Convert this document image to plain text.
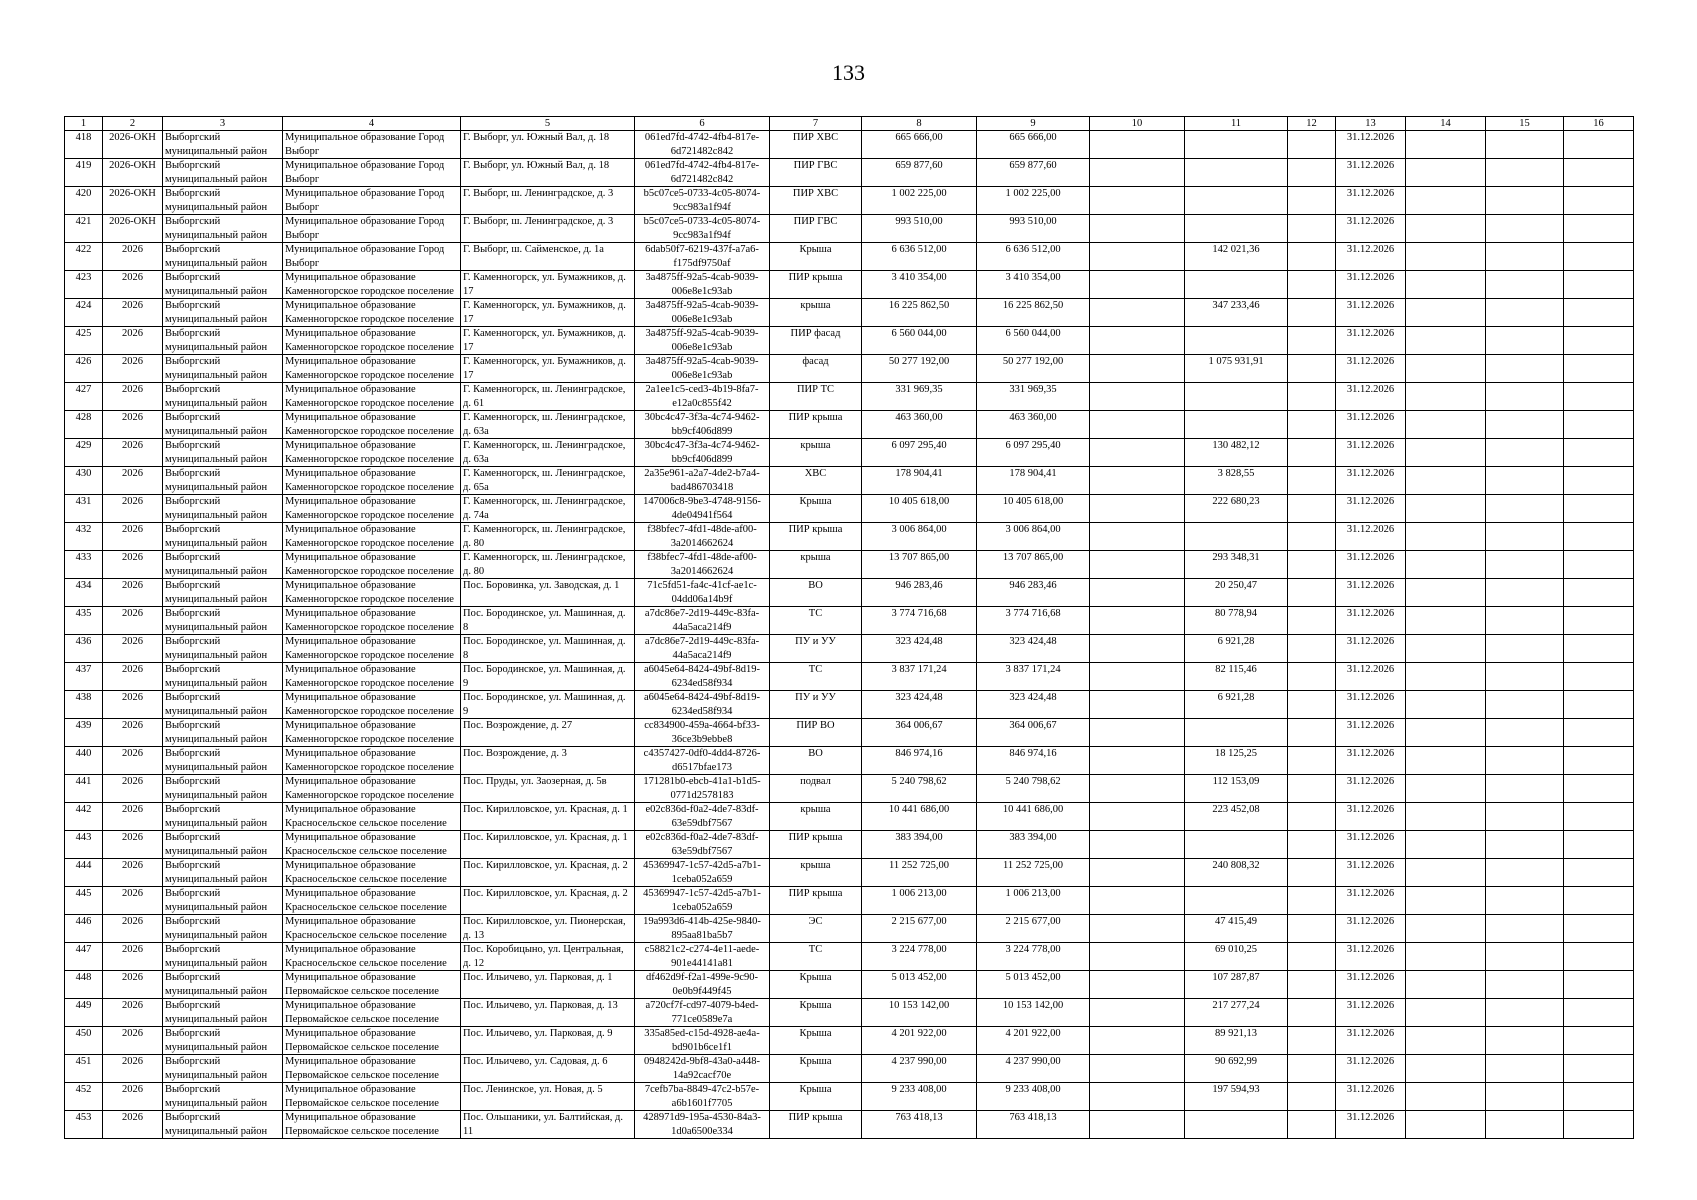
133
1	2	3	4	5	6	7	8	9	10	11	12	13	14	15	16
418	2026-ОКН	Выборгский муниципальный район	Муниципальное образование Город Выборг	Г. Выборг, ул. Южный Вал, д. 18	061ed7fd-4742-4fb4-817e-6d721482c842	ПИР ХВС	665 666,00	665 666,00				31.12.2026			
419	2026-ОКН	Выборгский муниципальный район	Муниципальное образование Город Выборг	Г. Выборг, ул. Южный Вал, д. 18	061ed7fd-4742-4fb4-817e-6d721482c842	ПИР ГВС	659 877,60	659 877,60				31.12.2026			
420	2026-ОКН	Выборгский муниципальный район	Муниципальное образование Город Выборг	Г. Выборг, ш. Ленинградское, д. 3	b5c07ce5-0733-4c05-8074-9cc983a1f94f	ПИР ХВС	1 002 225,00	1 002 225,00				31.12.2026			
421	2026-ОКН	Выборгский муниципальный район	Муниципальное образование Город Выборг	Г. Выборг, ш. Ленинградское, д. 3	b5c07ce5-0733-4c05-8074-9cc983a1f94f	ПИР ГВС	993 510,00	993 510,00				31.12.2026			
422	2026	Выборгский муниципальный район	Муниципальное образование Город Выборг	Г. Выборг, ш. Сайменское, д. 1а	6dab50f7-6219-437f-a7a6-f175df9750af	Крыша	6 636 512,00	6 636 512,00		142 021,36		31.12.2026			
423	2026	Выборгский муниципальный район	Муниципальное образование Каменногорское городское поселение	Г. Каменногорск, ул. Бумажников, д. 17	3a4875ff-92a5-4cab-9039-006e8e1c93ab	ПИР крыша	3 410 354,00	3 410 354,00				31.12.2026			
424	2026	Выборгский муниципальный район	Муниципальное образование Каменногорское городское поселение	Г. Каменногорск, ул. Бумажников, д. 17	3a4875ff-92a5-4cab-9039-006e8e1c93ab	крыша	16 225 862,50	16 225 862,50		347 233,46		31.12.2026			
425	2026	Выборгский муниципальный район	Муниципальное образование Каменногорское городское поселение	Г. Каменногорск, ул. Бумажников, д. 17	3a4875ff-92a5-4cab-9039-006e8e1c93ab	ПИР фасад	6 560 044,00	6 560 044,00				31.12.2026			
426	2026	Выборгский муниципальный район	Муниципальное образование Каменногорское городское поселение	Г. Каменногорск, ул. Бумажников, д. 17	3a4875ff-92a5-4cab-9039-006e8e1c93ab	фасад	50 277 192,00	50 277 192,00		1 075 931,91		31.12.2026			
427	2026	Выборгский муниципальный район	Муниципальное образование Каменногорское городское поселение	Г. Каменногорск, ш. Ленинградское, д. 61	2a1ee1c5-ced3-4b19-8fa7-e12a0c855f42	ПИР ТС	331 969,35	331 969,35				31.12.2026			
428	2026	Выборгский муниципальный район	Муниципальное образование Каменногорское городское поселение	Г. Каменногорск, ш. Ленинградское, д. 63а	30bc4c47-3f3a-4c74-9462-bb9cf406d899	ПИР крыша	463 360,00	463 360,00				31.12.2026			
429	2026	Выборгский муниципальный район	Муниципальное образование Каменногорское городское поселение	Г. Каменногорск, ш. Ленинградское, д. 63а	30bc4c47-3f3a-4c74-9462-bb9cf406d899	крыша	6 097 295,40	6 097 295,40		130 482,12		31.12.2026			
430	2026	Выборгский муниципальный район	Муниципальное образование Каменногорское городское поселение	Г. Каменногорск, ш. Ленинградское, д. 65а	2a35e961-a2a7-4de2-b7a4-bad486703418	ХВС	178 904,41	178 904,41		3 828,55		31.12.2026			
431	2026	Выборгский муниципальный район	Муниципальное образование Каменногорское городское поселение	Г. Каменногорск, ш. Ленинградское, д. 74а	147006c8-9be3-4748-9156-4de04941f564	Крыша	10 405 618,00	10 405 618,00		222 680,23		31.12.2026			
432	2026	Выборгский муниципальный район	Муниципальное образование Каменногорское городское поселение	Г. Каменногорск, ш. Ленинградское, д. 80	f38bfec7-4fd1-48de-af00-3a2014662624	ПИР крыша	3 006 864,00	3 006 864,00				31.12.2026			
433	2026	Выборгский муниципальный район	Муниципальное образование Каменногорское городское поселение	Г. Каменногорск, ш. Ленинградское, д. 80	f38bfec7-4fd1-48de-af00-3a2014662624	крыша	13 707 865,00	13 707 865,00		293 348,31		31.12.2026			
434	2026	Выборгский муниципальный район	Муниципальное образование Каменногорское городское поселение	Пос. Боровинка, ул. Заводская, д. 1	71c5fd51-fa4c-41cf-ae1c-04dd06a14b9f	ВО	946 283,46	946 283,46		20 250,47		31.12.2026			
435	2026	Выборгский муниципальный район	Муниципальное образование Каменногорское городское поселение	Пос. Бородинское, ул. Машинная, д. 8	a7dc86e7-2d19-449c-83fa-44a5aca214f9	ТС	3 774 716,68	3 774 716,68		80 778,94		31.12.2026			
436	2026	Выборгский муниципальный район	Муниципальное образование Каменногорское городское поселение	Пос. Бородинское, ул. Машинная, д. 8	a7dc86e7-2d19-449c-83fa-44a5aca214f9	ПУ и УУ	323 424,48	323 424,48		6 921,28		31.12.2026			
437	2026	Выборгский муниципальный район	Муниципальное образование Каменногорское городское поселение	Пос. Бородинское, ул. Машинная, д. 9	a6045e64-8424-49bf-8d19-6234ed58f934	ТС	3 837 171,24	3 837 171,24		82 115,46		31.12.2026			
438	2026	Выборгский муниципальный район	Муниципальное образование Каменногорское городское поселение	Пос. Бородинское, ул. Машинная, д. 9	a6045e64-8424-49bf-8d19-6234ed58f934	ПУ и УУ	323 424,48	323 424,48		6 921,28		31.12.2026			
439	2026	Выборгский муниципальный район	Муниципальное образование Каменногорское городское поселение	Пос. Возрождение, д. 27	cc834900-459a-4664-bf33-36ce3b9ebbe8	ПИР ВО	364 006,67	364 006,67				31.12.2026			
440	2026	Выборгский муниципальный район	Муниципальное образование Каменногорское городское поселение	Пос. Возрождение, д. 3	c4357427-0df0-4dd4-8726-d6517bfae173	ВО	846 974,16	846 974,16		18 125,25		31.12.2026			
441	2026	Выборгский муниципальный район	Муниципальное образование Каменногорское городское поселение	Пос. Пруды, ул. Заозерная, д. 5в	171281b0-ebcb-41a1-b1d5-0771d2578183	подвал	5 240 798,62	5 240 798,62		112 153,09		31.12.2026			
442	2026	Выборгский муниципальный район	Муниципальное образование Красносельское сельское поселение	Пос. Кирилловское, ул. Красная, д. 1	e02c836d-f0a2-4de7-83df-63e59dbf7567	крыша	10 441 686,00	10 441 686,00		223 452,08		31.12.2026			
443	2026	Выборгский муниципальный район	Муниципальное образование Красносельское сельское поселение	Пос. Кирилловское, ул. Красная, д. 1	e02c836d-f0a2-4de7-83df-63e59dbf7567	ПИР крыша	383 394,00	383 394,00				31.12.2026			
444	2026	Выборгский муниципальный район	Муниципальное образование Красносельское сельское поселение	Пос. Кирилловское, ул. Красная, д. 2	45369947-1c57-42d5-a7b1-1ceba052a659	крыша	11 252 725,00	11 252 725,00		240 808,32		31.12.2026			
445	2026	Выборгский муниципальный район	Муниципальное образование Красносельское сельское поселение	Пос. Кирилловское, ул. Красная, д. 2	45369947-1c57-42d5-a7b1-1ceba052a659	ПИР крыша	1 006 213,00	1 006 213,00				31.12.2026			
446	2026	Выборгский муниципальный район	Муниципальное образование Красносельское сельское поселение	Пос. Кирилловское, ул. Пионерская, д. 13	19a993d6-414b-425e-9840-895aa81ba5b7	ЭС	2 215 677,00	2 215 677,00		47 415,49		31.12.2026			
447	2026	Выборгский муниципальный район	Муниципальное образование Красносельское сельское поселение	Пос. Коробицыно, ул. Центральная, д. 12	c58821c2-c274-4e11-aede-901e44141a81	ТС	3 224 778,00	3 224 778,00		69 010,25		31.12.2026			
448	2026	Выборгский муниципальный район	Муниципальное образование Первомайское сельское поселение	Пос. Ильичево, ул. Парковая, д. 1	df462d9f-f2a1-499e-9c90-0e0b9f449f45	Крыша	5 013 452,00	5 013 452,00		107 287,87		31.12.2026			
449	2026	Выборгский муниципальный район	Муниципальное образование Первомайское сельское поселение	Пос. Ильичево, ул. Парковая, д. 13	a720cf7f-cd97-4079-b4ed-771ce0589e7a	Крыша	10 153 142,00	10 153 142,00		217 277,24		31.12.2026			
450	2026	Выборгский муниципальный район	Муниципальное образование Первомайское сельское поселение	Пос. Ильичево, ул. Парковая, д. 9	335a85ed-c15d-4928-ae4a-bd901b6ce1f1	Крыша	4 201 922,00	4 201 922,00		89 921,13		31.12.2026			
451	2026	Выборгский муниципальный район	Муниципальное образование Первомайское сельское поселение	Пос. Ильичево, ул. Садовая, д. 6	0948242d-9bf8-43a0-a448-14a92cacf70e	Крыша	4 237 990,00	4 237 990,00		90 692,99		31.12.2026			
452	2026	Выборгский муниципальный район	Муниципальное образование Первомайское сельское поселение	Пос. Ленинское, ул. Новая, д. 5	7cefb7ba-8849-47c2-b57e-a6b1601f7705	Крыша	9 233 408,00	9 233 408,00		197 594,93		31.12.2026			
453	2026	Выборгский муниципальный район	Муниципальное образование Первомайское сельское поселение	Пос. Ольшаники, ул. Балтийская, д. 11	428971d9-195a-4530-84a3-1d0a6500e334	ПИР крыша	763 418,13	763 418,13				31.12.2026			
